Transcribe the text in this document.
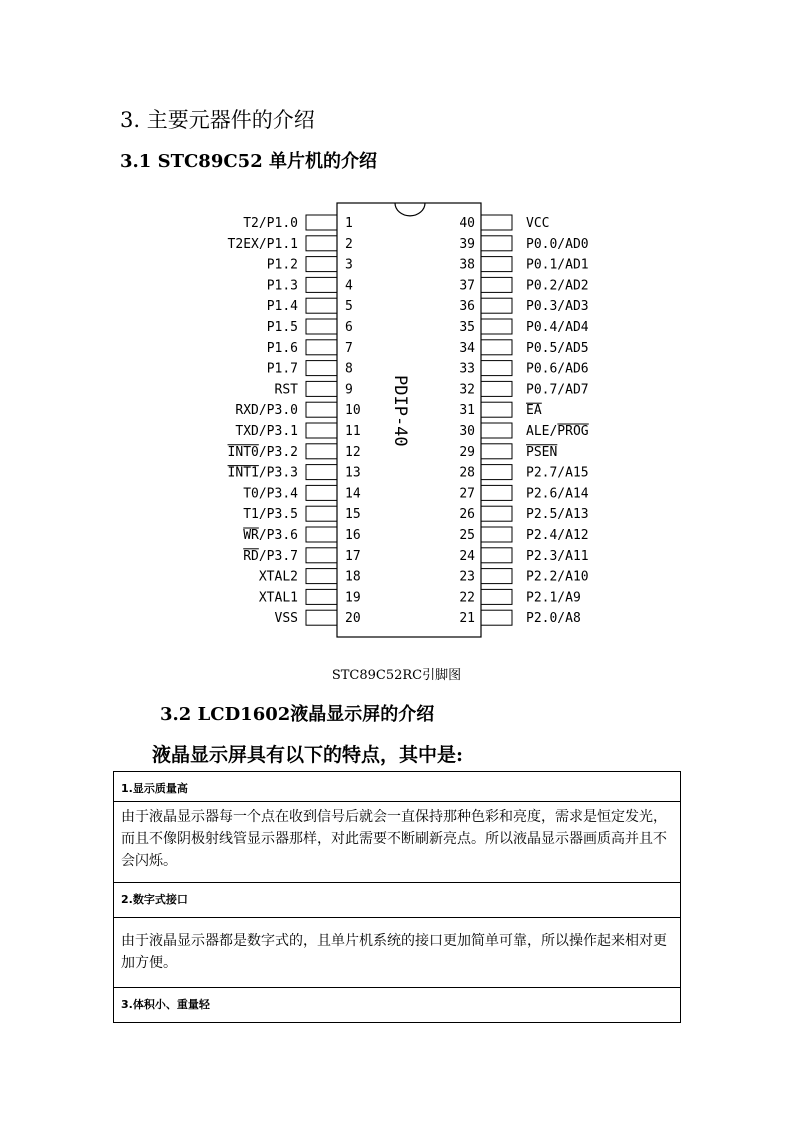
3. 主要元器件的介绍
3.1 STC89C52 单片机的介绍
1
T2/P1.0
2
T2EX/P1.1
3
P1.2
4
P1.3
5
P1.4
6
P1.5
7
P1.6
8
P1.7
9
RST
10
RXD/P3.0
11
TXD/P3.1
12
INT0/P3.2
13
INT1/P3.3
14
T0/P3.4
15
T1/P3.5
16
WR/P3.6
17
RD/P3.7
18
XTAL2
19
XTAL1
20
VSS
40	VCC
39	P0.0/AD0
38	P0.1/AD1
37	P0.2/AD2
36	P0.3/AD3
35	P0.4/AD4
34	P0.5/AD5
33	P0.6/AD6
32	P0.7/AD7
31	EA
30	ALE/PROG
29	PSEN
28	P2.7/A15
27	P2.6/A14
26	P2.5/A13
25	P2.4/A12
24	P2.3/A11
23	P2.2/A10
22	P2.1/A9
21	P2.0/A8
PDIP-40
STC89C52RC引脚图
3.2 LCD1602液晶显示屏的介绍
液晶显示屏具有以下的特点，其中是:
1.显示质量高
由于液晶显示器每一个点在收到信号后就会一直保持那种色彩和亮度，需求是恒定发光，而且不像阴极射线管显示器那样，对此需要不断刷新亮点。所以液晶显示器画质高并且不会闪烁。
2.数字式接口
由于液晶显示器都是数字式的，且单片机系统的接口更加简单可靠，所以操作起来相对更加方便。
3.体积小、重量轻
